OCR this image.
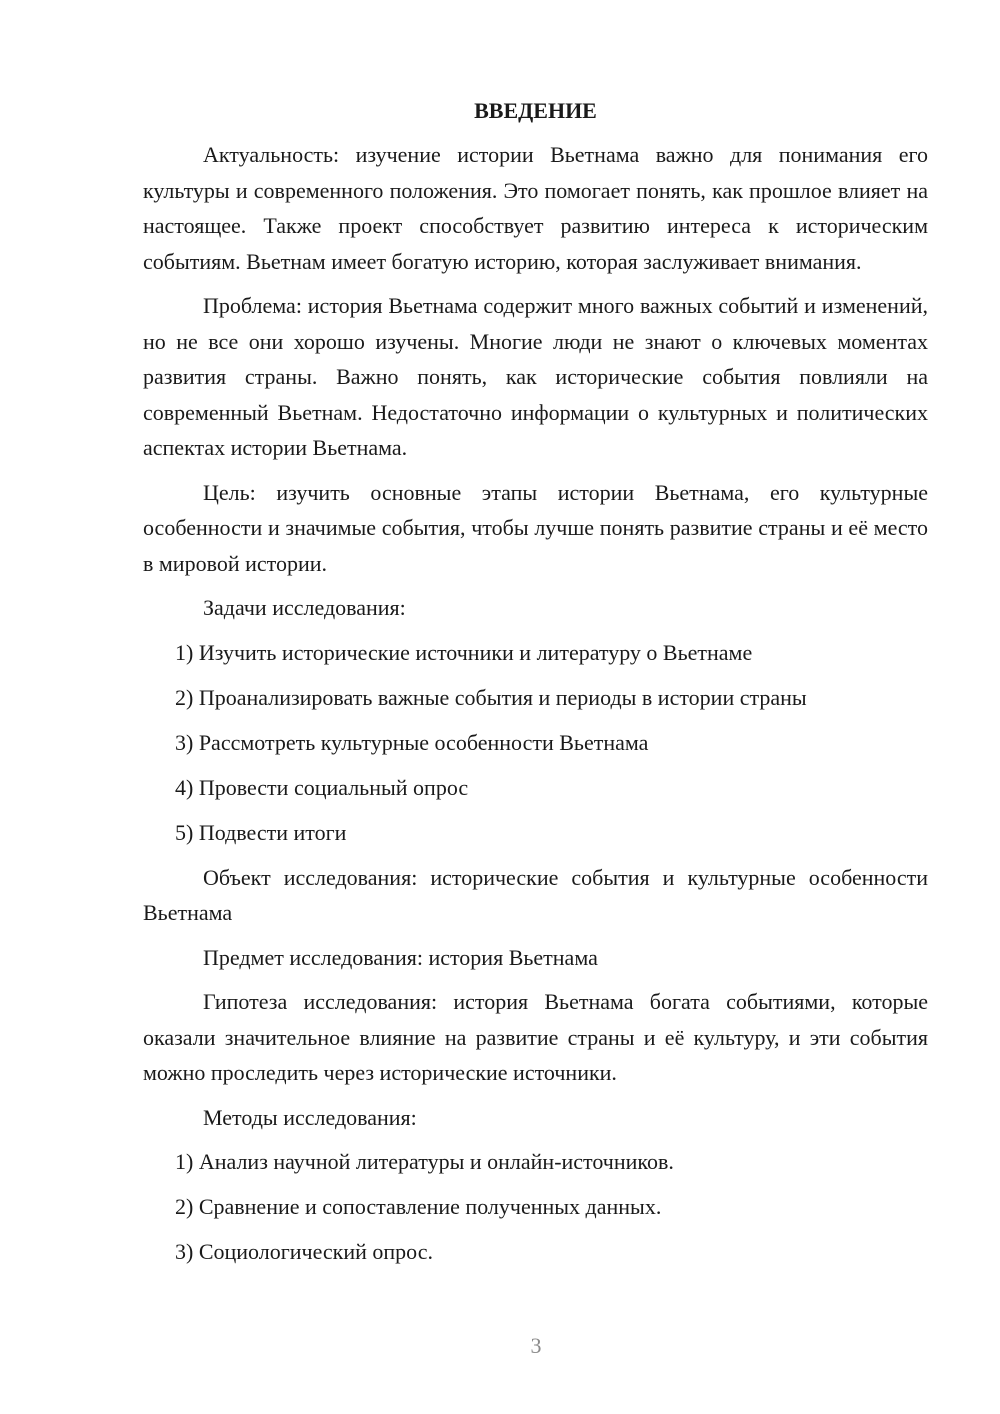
ВВЕДЕНИЕ

Актуальность: изучение истории Вьетнама важно для понимания его культуры и современного положения. Это помогает понять, как прошлое влияет на настоящее. Также проект способствует развитию интереса к историческим событиям. Вьетнам имеет богатую историю, которая заслуживает внимания.

Проблема: история Вьетнама содержит много важных событий и изменений, но не все они хорошо изучены. Многие люди не знают о ключевых моментах развития страны. Важно понять, как исторические события повлияли на современный Вьетнам. Недостаточно информации о культурных и политических аспектах истории Вьетнама.

Цель: изучить основные этапы истории Вьетнама, его культурные особенности и значимые события, чтобы лучше понять развитие страны и её место в мировой истории.

Задачи исследования:

1) Изучить исторические источники и литературу о Вьетнаме
2) Проанализировать важные события и периоды в истории страны
3) Рассмотреть культурные особенности Вьетнама
4) Провести социальный опрос
5) Подвести итоги

Объект исследования: исторические события и культурные особенности Вьетнама

Предмет исследования: история Вьетнама

Гипотеза исследования: история Вьетнама богата событиями, которые оказали значительное влияние на развитие страны и её культуру, и эти события можно проследить через исторические источники.

Методы исследования:

1) Анализ научной литературы и онлайн-источников.
2) Сравнение и сопоставление полученных данных.
3) Социологический опрос.
3
